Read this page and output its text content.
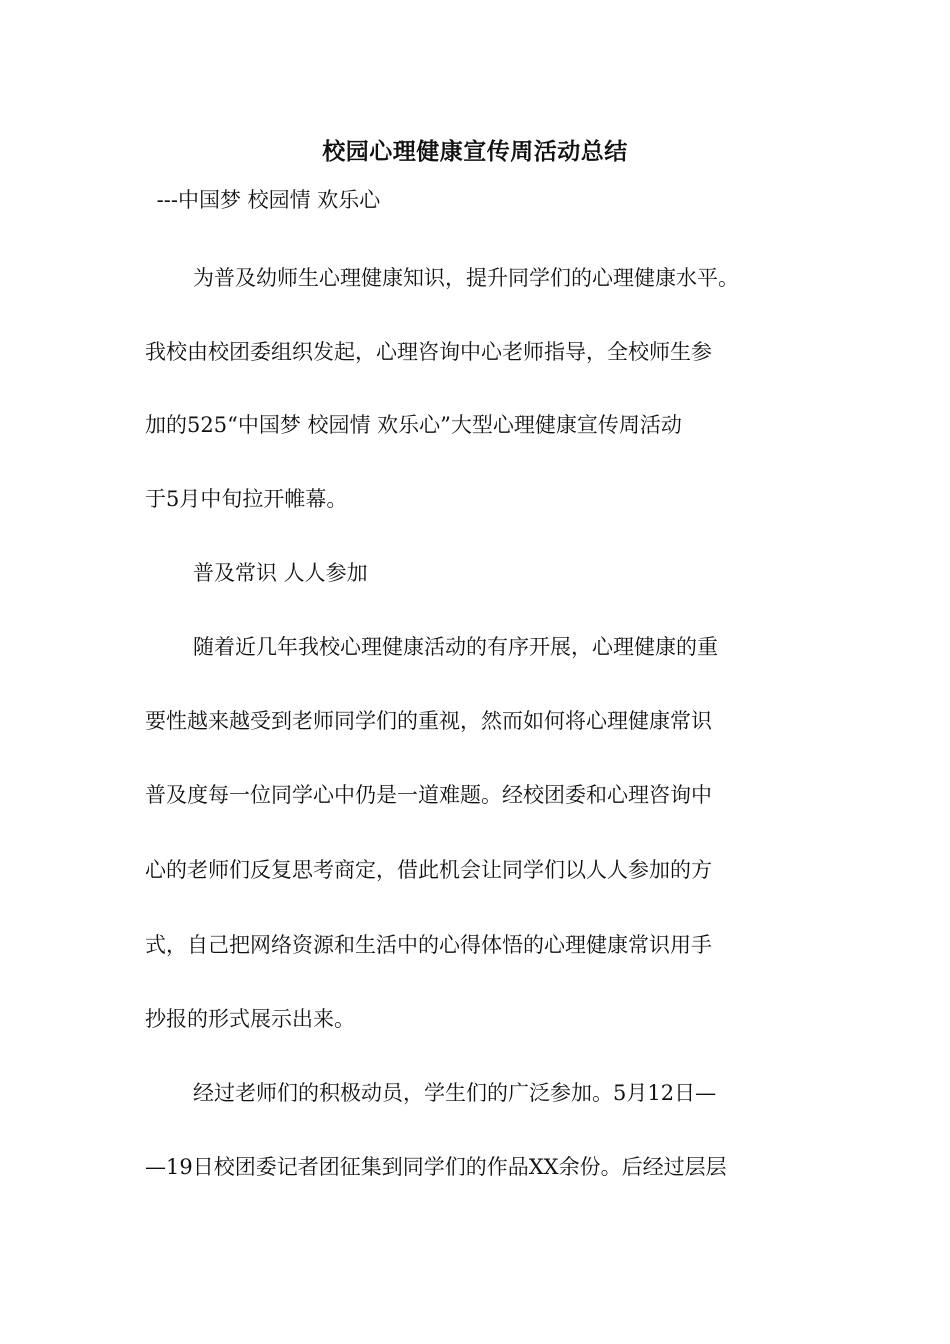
校园心理健康宣传周活动总结
---中国梦 校园情 欢乐心
为普及幼师生心理健康知识，提升同学们的心理健康水平。
我校由校团委组织发起，心理咨询中心老师指导，全校师生参
加的525“中国梦 校园情 欢乐心”大型心理健康宣传周活动
于5月中旬拉开帷幕。
普及常识 人人参加
随着近几年我校心理健康活动的有序开展，心理健康的重
要性越来越受到老师同学们的重视，然而如何将心理健康常识
普及度每一位同学心中仍是一道难题。经校团委和心理咨询中
心的老师们反复思考商定，借此机会让同学们以人人参加的方
式，自己把网络资源和生活中的心得体悟的心理健康常识用手
抄报的形式展示出来。
经过老师们的积极动员，学生们的广泛参加。5月12日—
—19日校团委记者团征集到同学们的作品XX余份。后经过层层
